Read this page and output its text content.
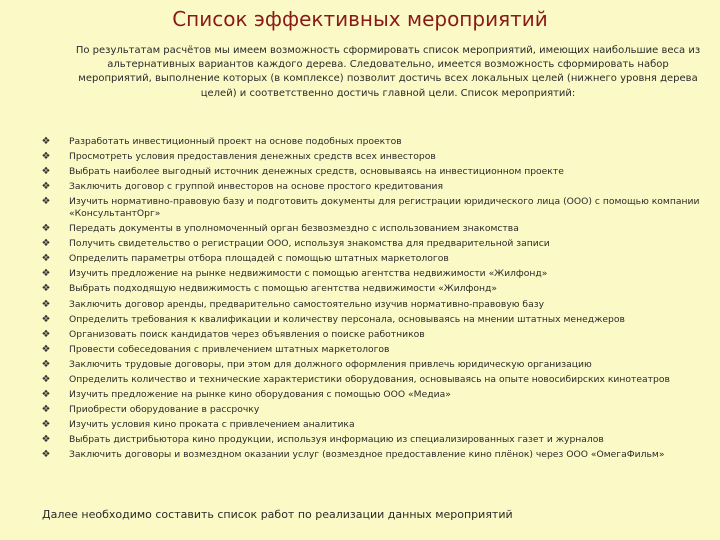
Список эффективных мероприятий
По результатам расчётов мы имеем возможность сформировать список мероприятий, имеющих наибольшие веса из альтернативных вариантов каждого дерева. Следовательно, имеется возможность сформировать набор мероприятий, выполнение которых (в комплексе) позволит достичь всех локальных целей (нижнего уровня дерева целей) и соответственно достичь главной цели. Список мероприятий:
❖ Разработать инвестиционный проект на основе подобных проектов
❖ Просмотреть условия предоставления денежных средств всех инвесторов
❖ Выбрать наиболее выгодный источник денежных средств, основываясь на инвестиционном проекте
❖ Заключить договор с группой инвесторов на основе простого кредитования
❖ Изучить нормативно-правовую базу и подготовить документы для регистрации юридического лица (ООО) с помощью компании «КонсультантОрг»
❖ Передать документы в уполномоченный орган безвозмездно с использованием знакомства
❖ Получить свидетельство о регистрации ООО, используя знакомства для предварительной записи
❖ Определить параметры отбора площадей с помощью штатных маркетологов
❖ Изучить предложение на рынке недвижимости с помощью агентства недвижимости «Жилфонд»
❖ Выбрать подходящую недвижимость с помощью агентства недвижимости «Жилфонд»
❖ Заключить договор аренды, предварительно самостоятельно изучив нормативно-правовую базу
❖ Определить требования к квалификации и количеству персонала, основываясь на мнении штатных менеджеров
❖ Организовать поиск кандидатов через объявления о поиске работников
❖ Провести собеседования с привлечением штатных маркетологов
❖ Заключить трудовые договоры, при этом для должного оформления привлечь юридическую организацию
❖ Определить количество и технические характеристики оборудования, основываясь на опыте новосибирских кинотеатров
❖ Изучить предложение на рынке кино оборудования с помощью ООО «Медиа»
❖ Приобрести оборудование в рассрочку
❖ Изучить условия кино проката с привлечением аналитика
❖ Выбрать дистрибьютора кино продукции, используя информацию из специализированных газет и журналов
❖ Заключить договоры и возмездном оказании услуг (возмездное предоставление кино плёнок) через ООО «ОмегаФильм»
Далее необходимо составить список работ по реализации данных мероприятий
